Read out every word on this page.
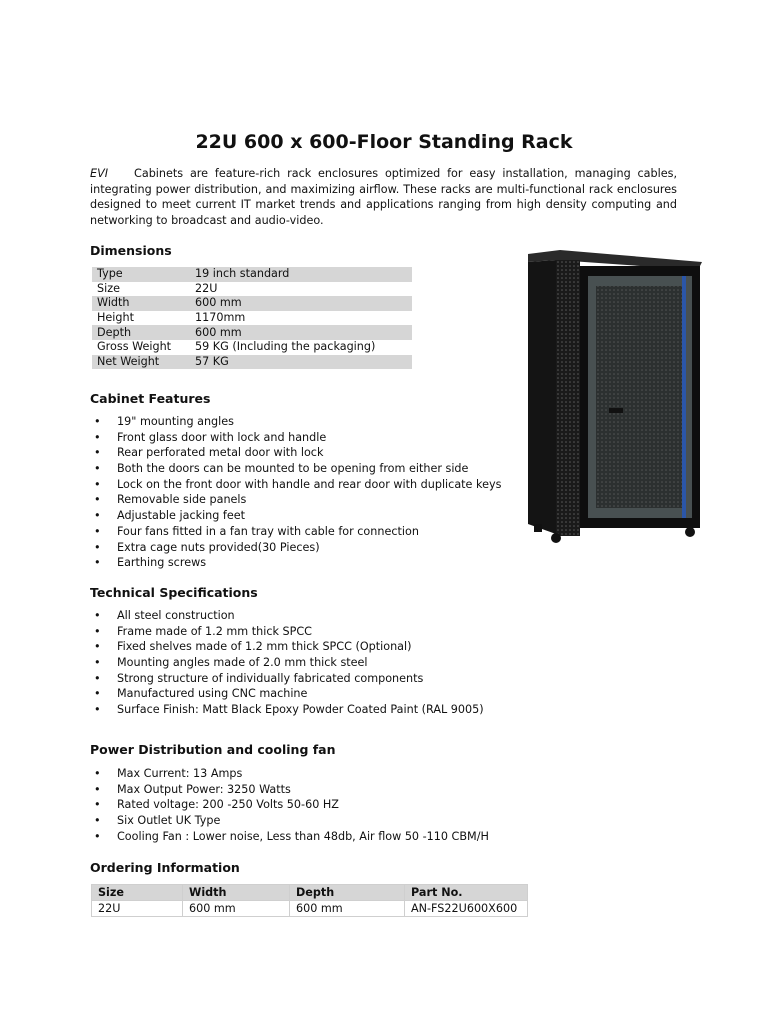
22U 600 x 600-Floor Standing Rack

EVI Cabinets are feature-rich rack enclosures optimized for easy installation, managing cables, integrating power distribution, and maximizing airflow. These racks are multi-functional rack enclosures designed to meet current IT market trends and applications ranging from high density computing and networking to broadcast and audio-video.

Dimensions
Type	19 inch standard
Size	22U
Width	600 mm
Height	1170mm
Depth	600 mm
Gross Weight	59 KG (Including the packaging)
Net Weight	57 KG
Cabinet Features
• 19" mounting angles
• Front glass door with lock and handle
• Rear perforated metal door with lock
• Both the doors can be mounted to be opening from either side
• Lock on the front door with handle and rear door with duplicate keys
• Removable side panels
• Adjustable jacking feet
• Four fans fitted in a fan tray with cable for connection
• Extra cage nuts provided(30 Pieces)
• Earthing screws
Technical Specifications
• All steel construction
• Frame made of 1.2 mm thick SPCC
• Fixed shelves made of 1.2 mm thick SPCC (Optional)
• Mounting angles made of 2.0 mm thick steel
• Strong structure of individually fabricated components
• Manufactured using CNC machine
• Surface Finish: Matt Black Epoxy Powder Coated Paint (RAL 9005)
Power Distribution and cooling fan
• Max Current: 13 Amps
• Max Output Power: 3250 Watts
• Rated voltage: 200 -250 Volts 50-60 HZ
• Six Outlet UK Type
• Cooling Fan : Lower noise, Less than 48db, Air flow 50 -110 CBM/H
Ordering Information
Size	Width	Depth	Part No.
22U	600 mm	600 mm	AN-FS22U600X600
